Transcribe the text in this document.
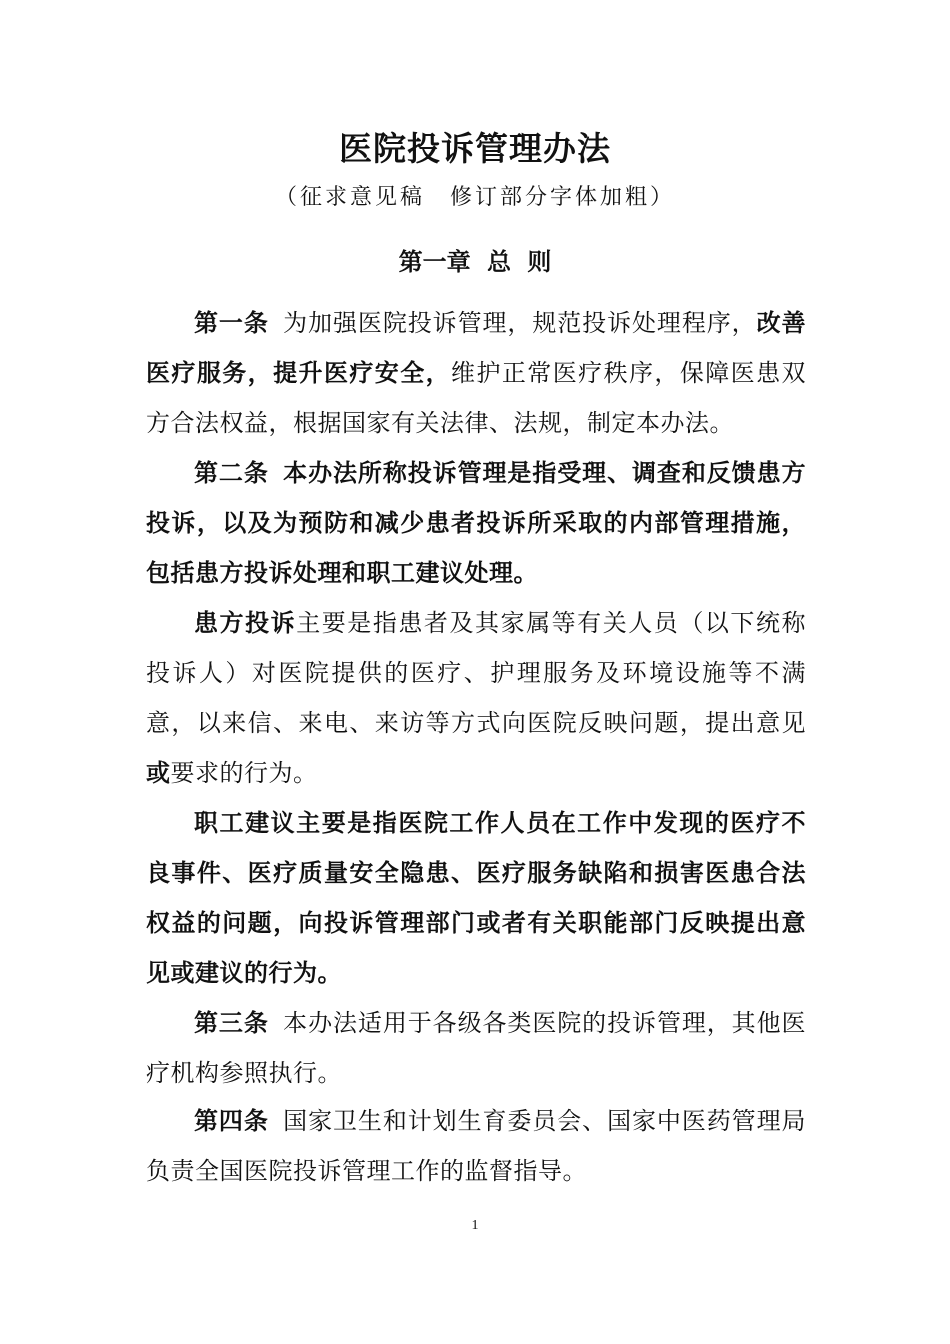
医院投诉管理办法
（征求意见稿　修订部分字体加粗）
第一章 总 则

第一条 为加强医院投诉管理，规范投诉处理程序，改善医疗服务，提升医疗安全，维护正常医疗秩序，保障医患双方合法权益，根据国家有关法律、法规，制定本办法。

第二条 本办法所称投诉管理是指受理、调查和反馈患方投诉，以及为预防和减少患者投诉所采取的内部管理措施，包括患方投诉处理和职工建议处理。

患方投诉主要是指患者及其家属等有关人员（以下统称投诉人）对医院提供的医疗、护理服务及环境设施等不满意，以来信、来电、来访等方式向医院反映问题，提出意见或要求的行为。

职工建议主要是指医院工作人员在工作中发现的医疗不良事件、医疗质量安全隐患、医疗服务缺陷和损害医患合法权益的问题，向投诉管理部门或者有关职能部门反映提出意见或建议的行为。

第三条 本办法适用于各级各类医院的投诉管理，其他医疗机构参照执行。

第四条 国家卫生和计划生育委员会、国家中医药管理局负责全国医院投诉管理工作的监督指导。

1
